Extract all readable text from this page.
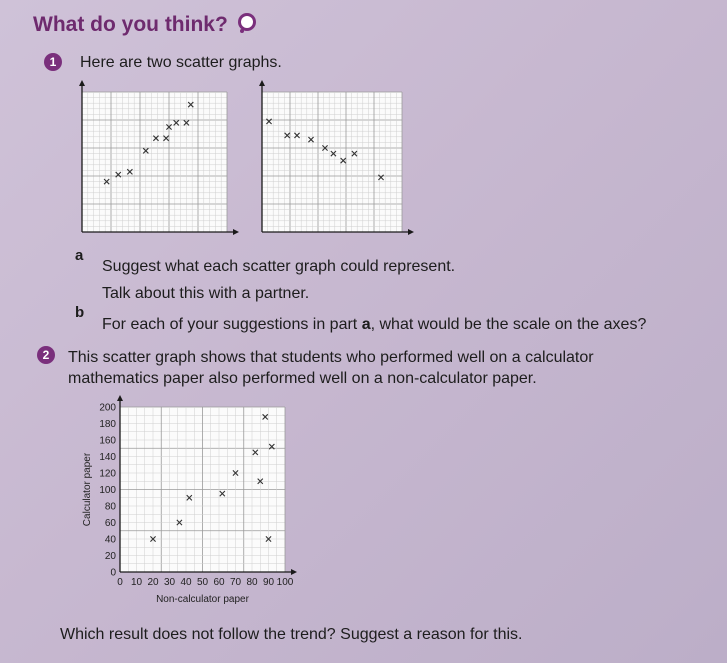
What do you think?
1	Here are two scatter graphs.
a
Suggest what each scatter graph could represent.
Talk about this with a partner.
b
For each of your suggestions in part a, what would be the scale on the axes?
2	This scatter graph shows that students who performed well on a calculator
mathematics paper also performed well on a non-calculator paper.
0 10 20 30 40 50 60 70 80 90 100
0
20
40
60
80
100
120
140
160
180
200
Non-calculator paper
Calculator paper
Which result does not follow the trend? Suggest a reason for this.
